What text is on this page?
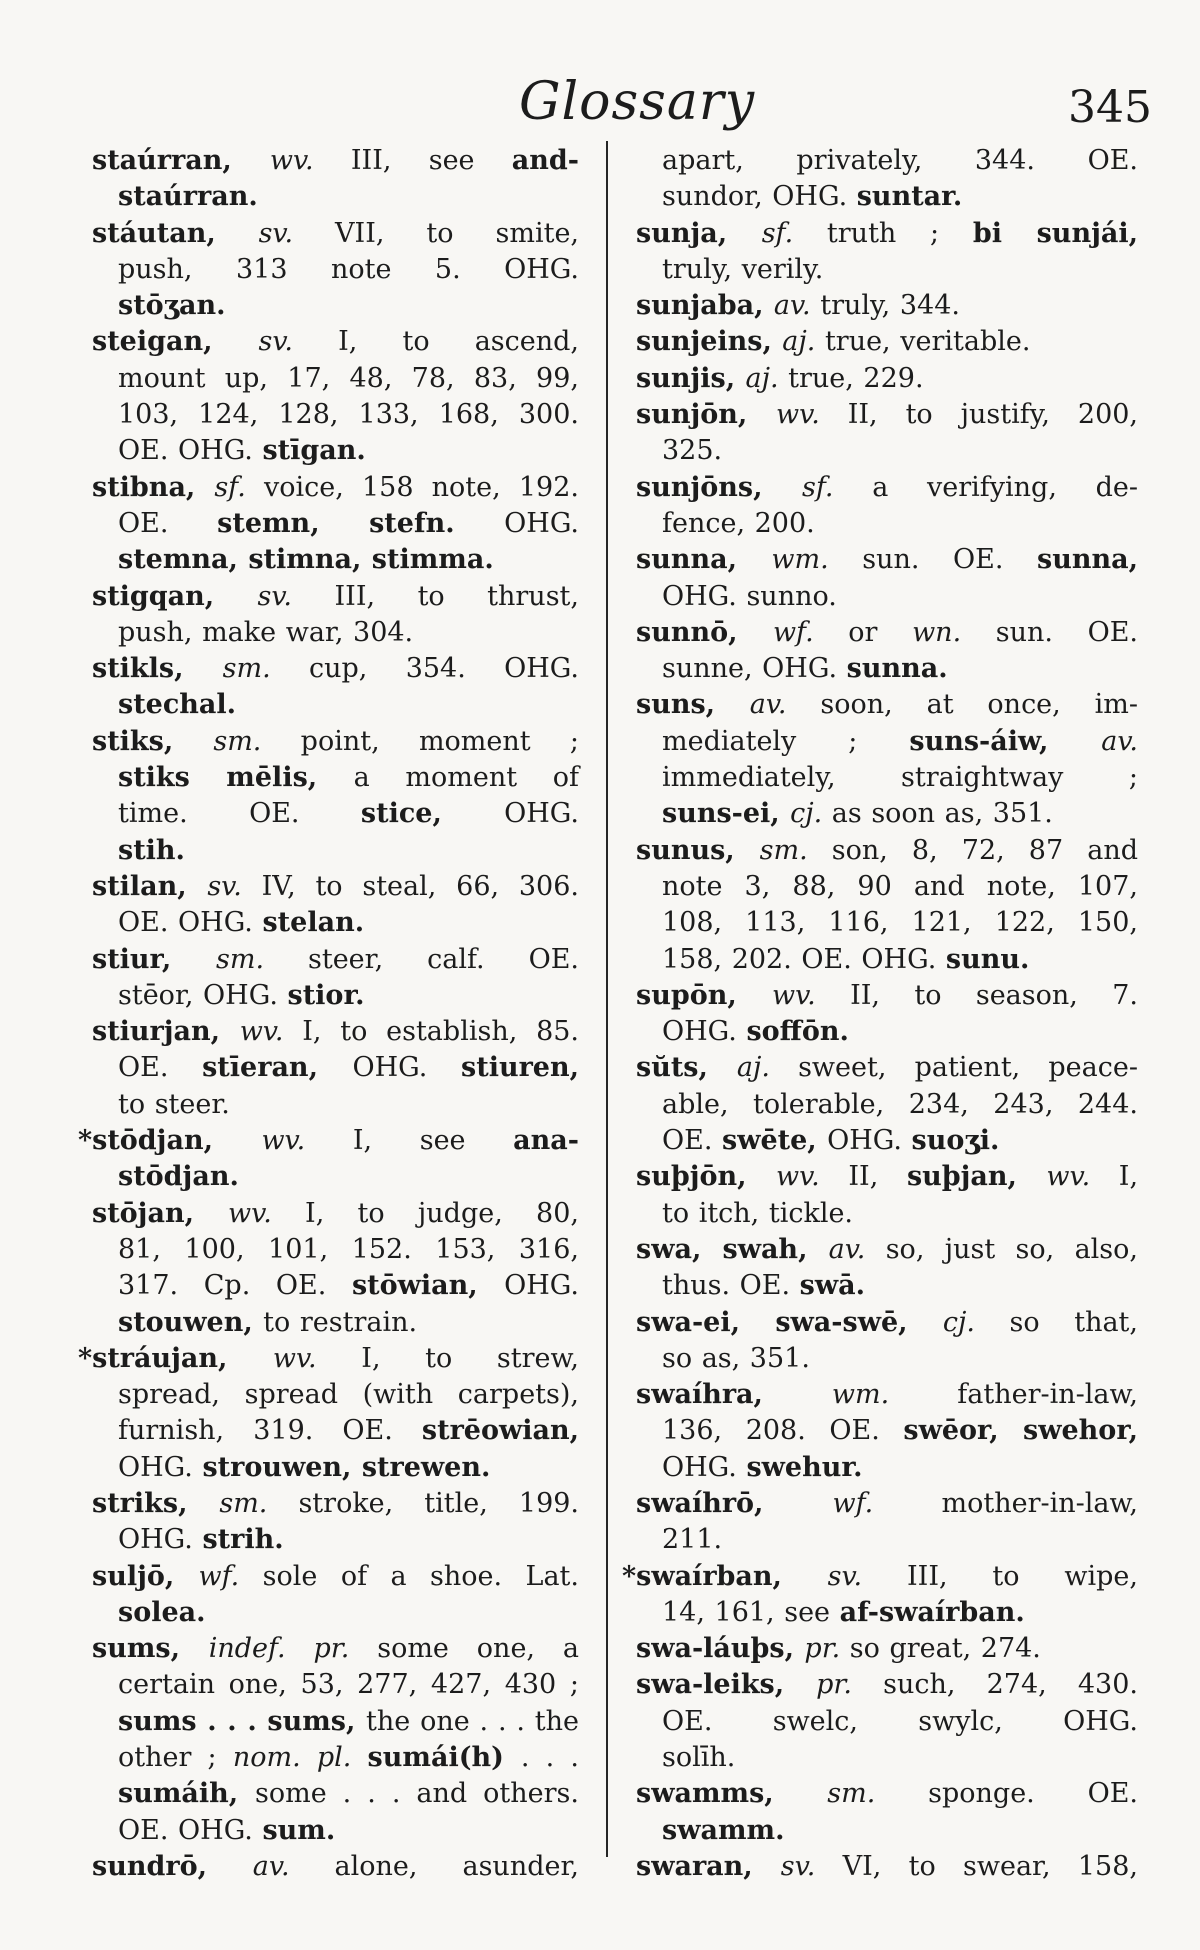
Glossary	345
staúrran, wv. III, see and-
staúrran.
stáutan, sv. VII, to smite,
push, 313 note 5. OHG.
stōʒan.
steigan, sv. I, to ascend,
mount up, 17, 48, 78, 83, 99,
103, 124, 128, 133, 168, 300.
OE. OHG. stīgan.
stibna, sf. voice, 158 note, 192.
OE. stemn, stefn. OHG.
stemna, stimna, stimma.
stigqan, sv. III, to thrust,
push, make war, 304.
stikls, sm. cup, 354. OHG.
stechal.
stiks, sm. point, moment ;
stiks mēlis, a moment of
time. OE. stice, OHG.
stih.
stilan, sv. IV, to steal, 66, 306.
OE. OHG. stelan.
stiur, sm. steer, calf. OE.
stēor, OHG. stior.
stiurjan, wv. I, to establish, 85.
OE. stīeran, OHG. stiuren,
to steer.
*stōdjan, wv. I, see ana-
stōdjan.
stōjan, wv. I, to judge, 80,
81, 100, 101, 152. 153, 316,
317. Cp. OE. stōwian, OHG.
stouwen, to restrain.
*stráujan, wv. I, to strew,
spread, spread (with carpets),
furnish, 319. OE. strēowian,
OHG. strouwen, strewen.
striks, sm. stroke, title, 199.
OHG. strih.
suljō, wf. sole of a shoe. Lat.
solea.
sums, indef. pr. some one, a
certain one, 53, 277, 427, 430 ;
sums . . . sums, the one . . . the
other ; nom. pl. sumái(h) . . .
sumáih, some . . . and others.
OE. OHG. sum.
sundrō, av. alone, asunder,
apart, privately, 344. OE.
sundor, OHG. suntar.
sunja, sf. truth ; bi sunjái,
truly, verily.
sunjaba, av. truly, 344.
sunjeins, aj. true, veritable.
sunjis, aj. true, 229.
sunjōn, wv. II, to justify, 200,
325.
sunjōns, sf. a verifying, de-
fence, 200.
sunna, wm. sun. OE. sunna,
OHG. sunno.
sunnō, wf. or wn. sun. OE.
sunne, OHG. sunna.
suns, av. soon, at once, im-
mediately ; suns-áiw, av.
immediately, straightway ;
suns-ei, cj. as soon as, 351.
sunus, sm. son, 8, 72, 87 and
note 3, 88, 90 and note, 107,
108, 113, 116, 121, 122, 150,
158, 202. OE. OHG. sunu.
supōn, wv. II, to season, 7.
OHG. soffōn.
sŭts, aj. sweet, patient, peace-
able, tolerable, 234, 243, 244.
OE. swēte, OHG. suoʒi.
suþjōn, wv. II, suþjan, wv. I,
to itch, tickle.
swa, swah, av. so, just so, also,
thus. OE. swā.
swa-ei, swa-swē, cj. so that,
so as, 351.
swaíhra, wm. father-in-law,
136, 208. OE. swēor, swehor,
OHG. swehur.
swaíhrō, wf. mother-in-law,
211.
*swaírban, sv. III, to wipe,
14, 161, see af-swaírban.
swa-láuþs, pr. so great, 274.
swa-leiks, pr. such, 274, 430.
OE. swelc, swylc, OHG.
solīh.
swamms, sm. sponge. OE.
swamm.
swaran, sv. VI, to swear, 158,
